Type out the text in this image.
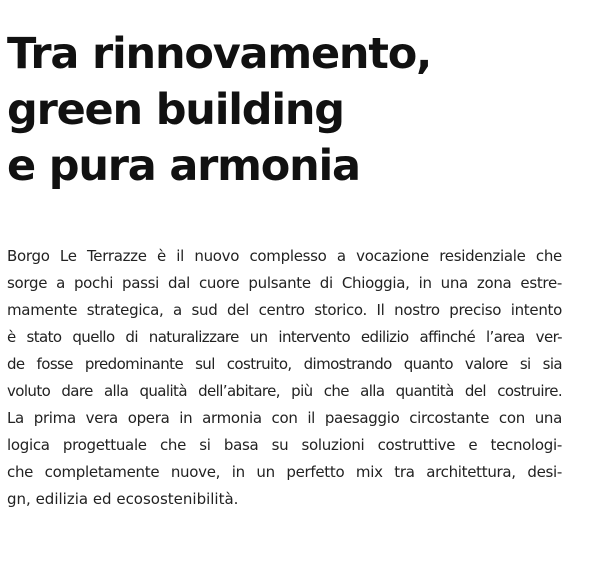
Tra rinnovamento,
green building
e pura armonia

Borgo Le Terrazze è il nuovo complesso a vocazione residenziale che
sorge a pochi passi dal cuore pulsante di Chioggia, in una zona estre-
mamente strategica, a sud del centro storico. Il nostro preciso intento
è stato quello di naturalizzare un intervento edilizio affinché l’area ver-
de fosse predominante sul costruito, dimostrando quanto valore si sia
voluto dare alla qualità dell’abitare, più che alla quantità del costruire.
La prima vera opera in armonia con il paesaggio circostante con una
logica progettuale che si basa su soluzioni costruttive e tecnologi-
che completamente nuove, in un perfetto mix tra architettura, desi-
gn, edilizia ed ecosostenibilità.
